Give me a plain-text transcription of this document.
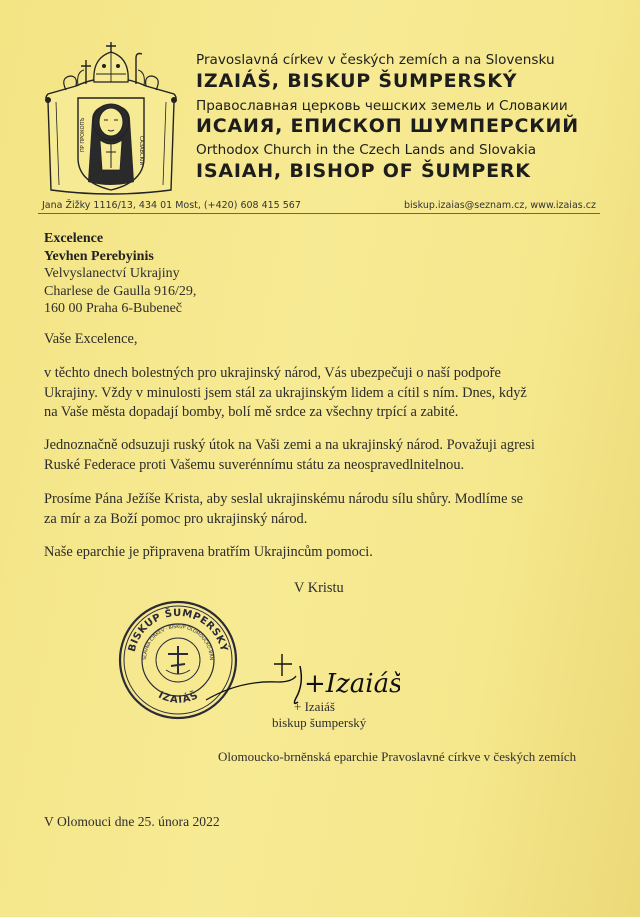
ПР ПРОКОПЪ	САЗАВСКIИ
Pravoslavná církev v českých zemích a na Slovensku
IZAIÁŠ, BISKUP ŠUMPERSKÝ
Православная церковь чешских земель и Словакии
ИСАИЯ, ЕПИСКОП ШУМПЕРСКИЙ
Orthodox Church in the Czech Lands and Slovakia
ISAIAH, BISHOP OF ŠUMPERK
Jana Žižky 1116/13, 434 01 Most, (+420) 608 415 567	biskup.izaias@seznam.cz, www.izaias.cz
Excelence
Yevhen Perebyinis
Velvyslanectví Ukrajiny
Charlese de Gaulla 916/29,
160 00 Praha 6-Bubeneč
Vaše Excelence,
v těchto dnech bolestných pro ukrajinský národ, Vás ubezpečuji o naší podpoře
Ukrajiny. Vždy v minulosti jsem stál za ukrajinským lidem a cítil s ním. Dnes, když
na Vaše města dopadají bomby, bolí mě srdce za všechny trpící a zabité.
Jednoznačně odsuzuji ruský útok na Vaši zemi a na ukrajinský národ. Považuji agresi
Ruské Federace proti Vašemu suverénnímu státu za neospravedlnitelnou.
Prosíme Pána Ježíše Krista, aby seslal ukrajinskému národu sílu shůry. Modlíme se
za mír a za Boží pomoc pro ukrajinský národ.
Naše eparchie je připravena bratřím Ukrajincům pomoci.
V Kristu
BISKUP ŠUMPERSKÝ
IZAIÁŠ
SLAVNÁ CÍRKEV · BISKUP OLOMOUCKO-BRN
+Izaiáš
+ Izaiáš
biskup šumperský
Olomoucko-brněnská eparchie Pravoslavné církve v českých zemích
V Olomouci dne 25. února 2022
